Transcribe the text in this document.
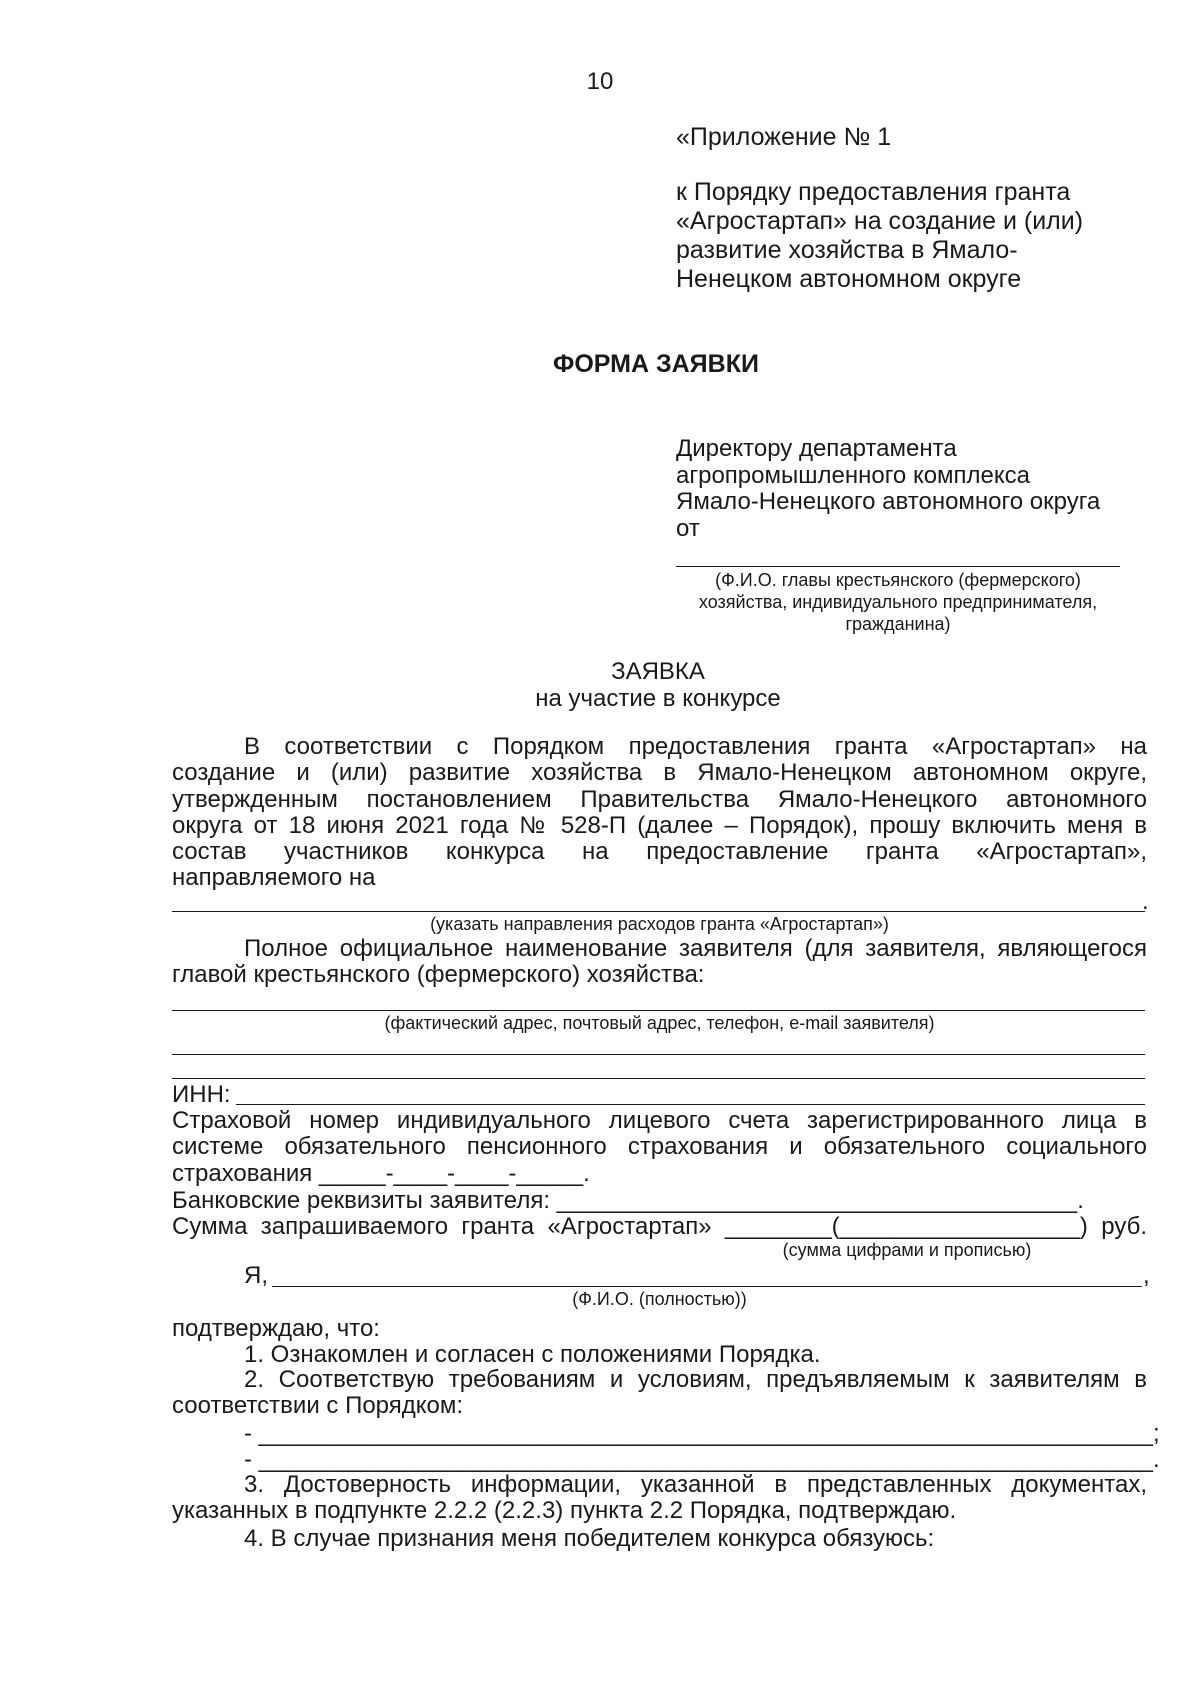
10
«Приложение № 1
к Порядку предоставления гранта
«Агростартап» на создание и (или)
развитие хозяйства в Ямало-
Ненецком автономном округе
ФОРМА ЗАЯВКИ
Директору департамента
агропромышленного комплекса
Ямало-Ненецкого автономного округа
от
(Ф.И.О. главы крестьянского (фермерского)
хозяйства, индивидуального предпринимателя,
гражданина)
ЗАЯВКА
на участие в конкурсе
В соответствии с Порядком предоставления гранта «Агростартап» на
создание и (или) развитие хозяйства в Ямало-Ненецком автономном округе,
утвержденным постановлением Правительства Ямало-Ненецкого автономного
округа от 18 июня 2021 года № 528-П (далее – Порядок), прошу включить меня в
состав участников конкурса на предоставление гранта «Агростартап»,
направляемого на
.
(указать направления расходов гранта «Агростартап»)
Полное официальное наименование заявителя (для заявителя, являющегося
главой крестьянского (фермерского) хозяйства:
(фактический адрес, почтовый адрес, телефон, e-mail заявителя)
ИНН:
Страховой номер индивидуального лицевого счета зарегистрированного лица в
системе обязательного пенсионного страхования и обязательного социального
страхования _____-____-____-_____.
Банковские реквизиты заявителя: _______________________________________.
Сумма запрашиваемого гранта «Агростартап» ________(__________________) руб.
(сумма цифрами и прописью)
Я,	,
(Ф.И.О. (полностью))
подтверждаю, что:
1. Ознакомлен и согласен с положениями Порядка.
2. Соответствую требованиям и условиям, предъявляемым к заявителям в
соответствии с Порядком:
- ___________________________________________________________________;
- ___________________________________________________________________.
3. Достоверность информации, указанной в представленных документах,
указанных в подпункте 2.2.2 (2.2.3) пункта 2.2 Порядка, подтверждаю.
4. В случае признания меня победителем конкурса обязуюсь:
